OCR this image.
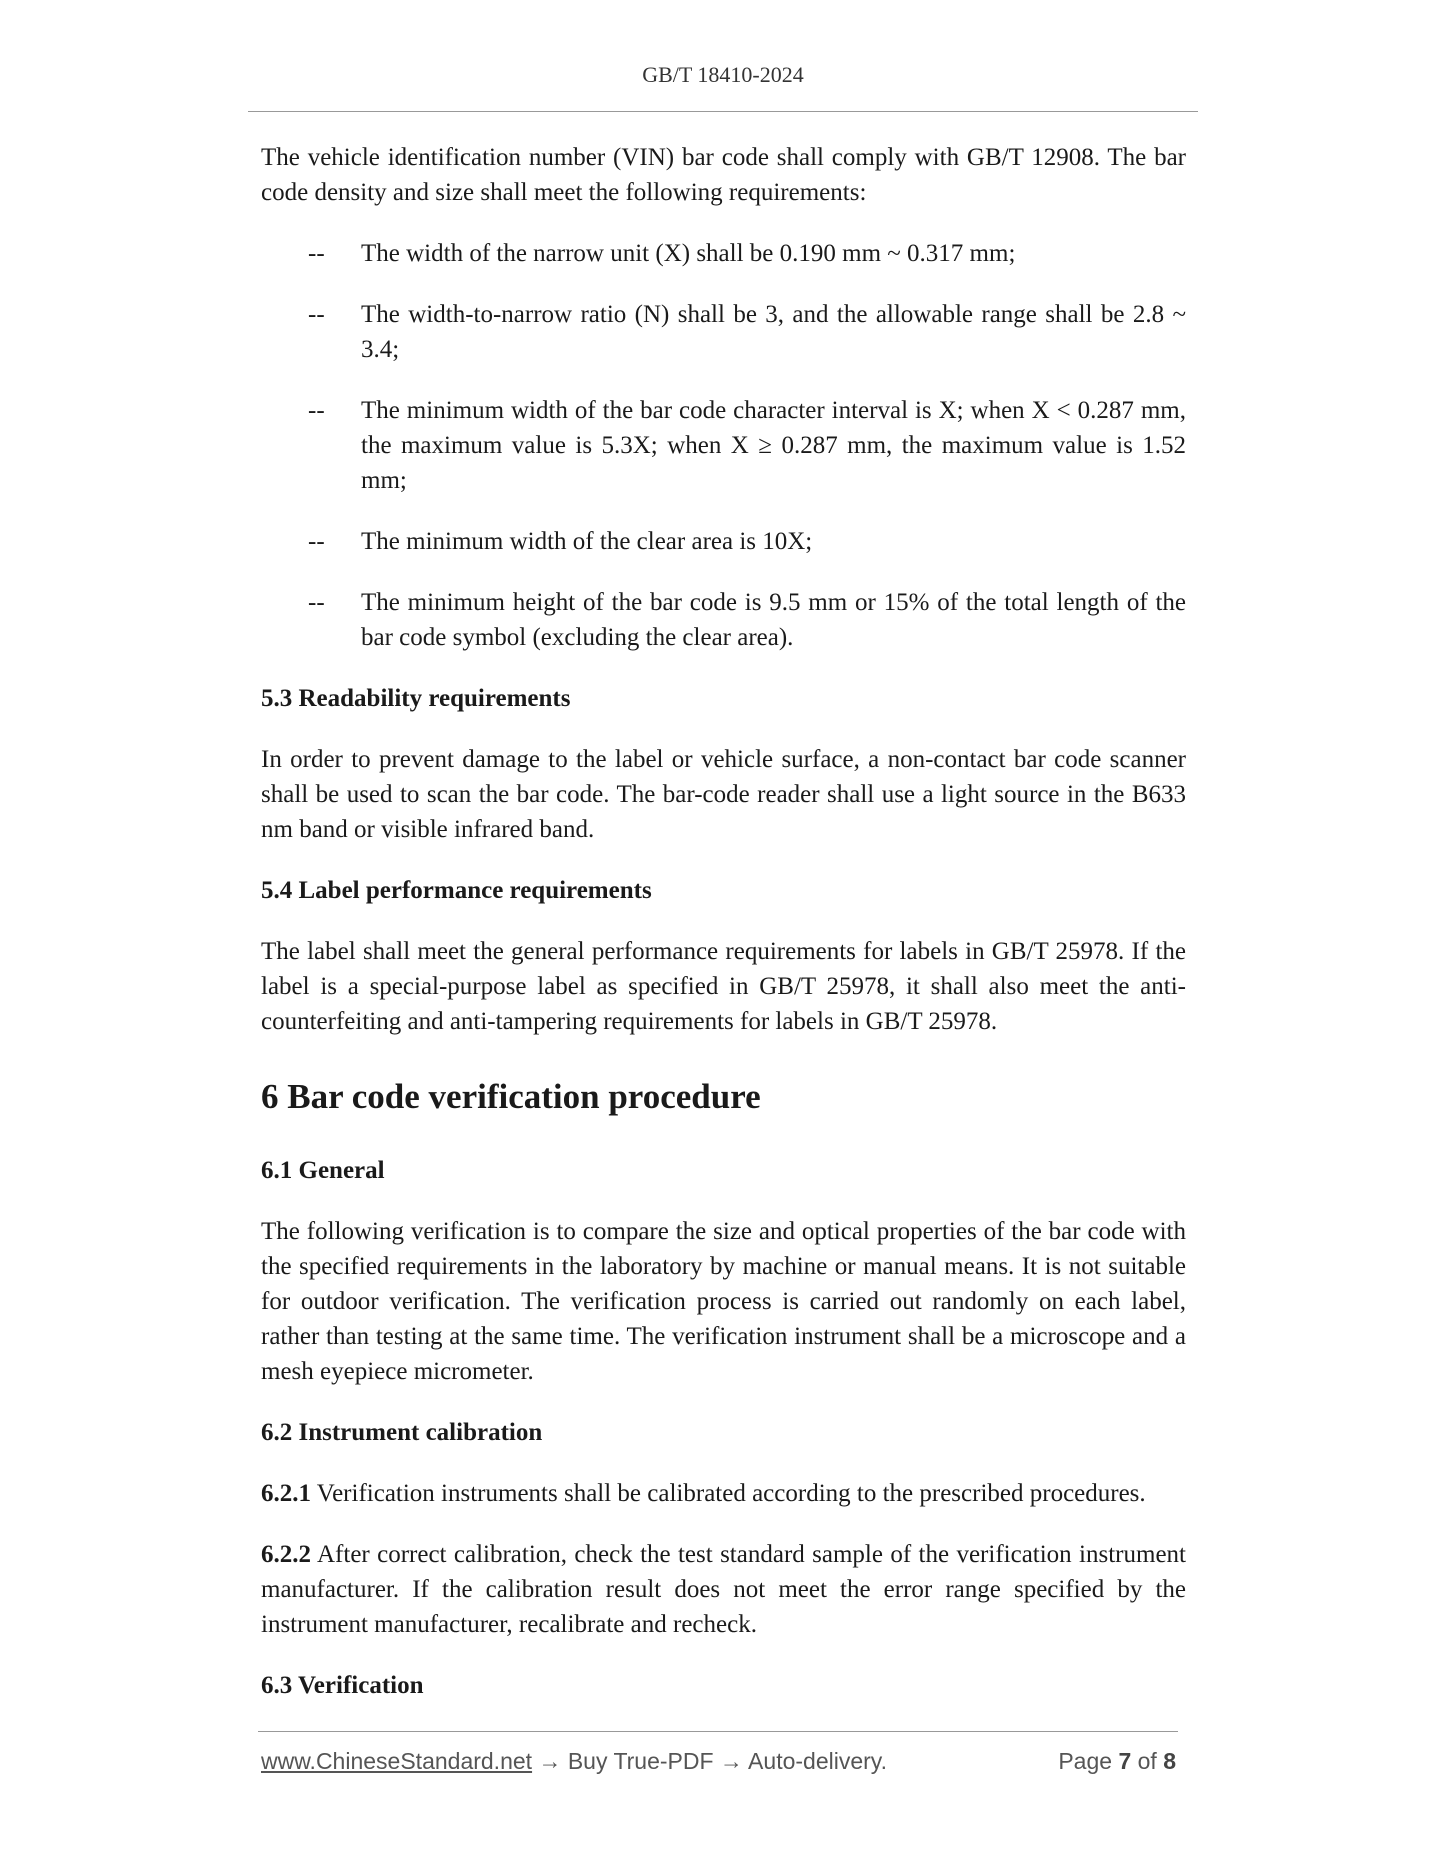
GB/T 18410-2024

The vehicle identification number (VIN) bar code shall comply with GB/T 12908. The bar code density and size shall meet the following requirements:

-- The width of the narrow unit (X) shall be 0.190 mm ~ 0.317 mm;
-- The width-to-narrow ratio (N) shall be 3, and the allowable range shall be 2.8 ~ 3.4;
-- The minimum width of the bar code character interval is X; when X < 0.287 mm, the maximum value is 5.3X; when X ≥ 0.287 mm, the maximum value is 1.52 mm;
-- The minimum width of the clear area is 10X;
-- The minimum height of the bar code is 9.5 mm or 15% of the total length of the bar code symbol (excluding the clear area).
5.3 Readability requirements

In order to prevent damage to the label or vehicle surface, a non-contact bar code scanner shall be used to scan the bar code. The bar-code reader shall use a light source in the B633 nm band or visible infrared band.

5.4 Label performance requirements

The label shall meet the general performance requirements for labels in GB/T 25978. If the label is a special-purpose label as specified in GB/T 25978, it shall also meet the anti-counterfeiting and anti-tampering requirements for labels in GB/T 25978.

6 Bar code verification procedure
6.1 General

The following verification is to compare the size and optical properties of the bar code with the specified requirements in the laboratory by machine or manual means. It is not suitable for outdoor verification. The verification process is carried out randomly on each label, rather than testing at the same time. The verification instrument shall be a microscope and a mesh eyepiece micrometer.

6.2 Instrument calibration

6.2.1 Verification instruments shall be calibrated according to the prescribed procedures.

6.2.2 After correct calibration, check the test standard sample of the verification instrument manufacturer. If the calibration result does not meet the error range specified by the instrument manufacturer, recalibrate and recheck.

6.3 Verification
www.ChineseStandard.net → Buy True-PDF → Auto-delivery.	Page 7 of 8
